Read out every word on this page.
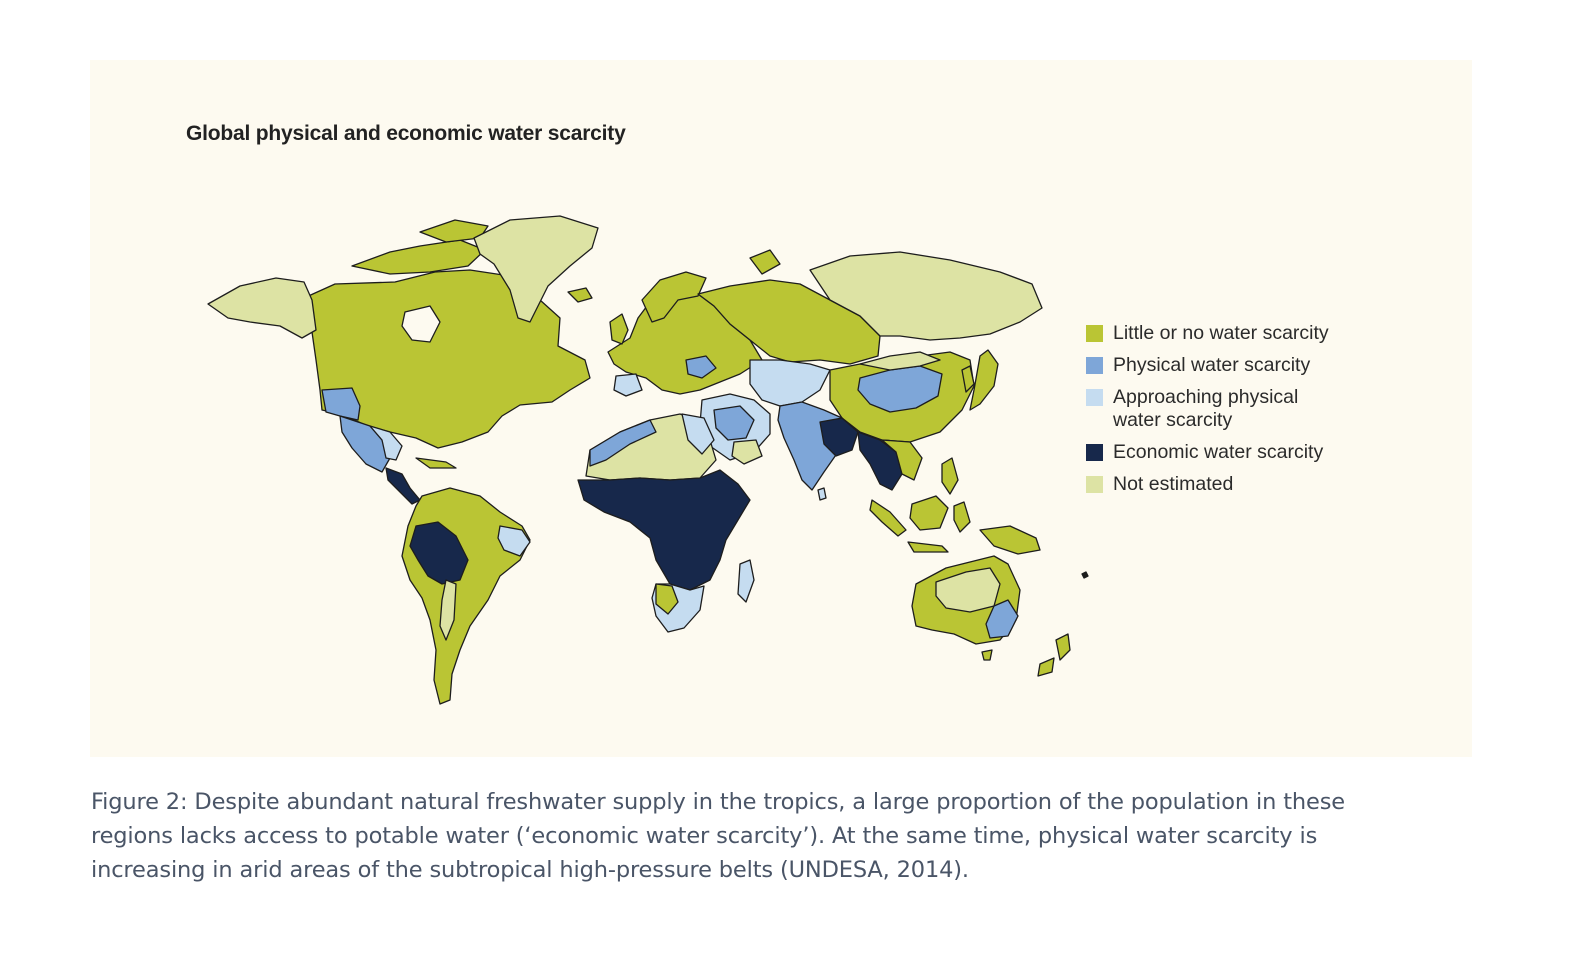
Global physical and economic water scarcity
Little or no water scarcity
Physical water scarcity
Approaching physical
water scarcity
Economic water scarcity
Not estimated
Figure 2: Despite abundant natural freshwater supply in the tropics, a large proportion of the population in these
regions lacks access to potable water (‘economic water scarcity’). At the same time, physical water scarcity is
increasing in arid areas of the subtropical high-pressure belts (UNDESA, 2014).
